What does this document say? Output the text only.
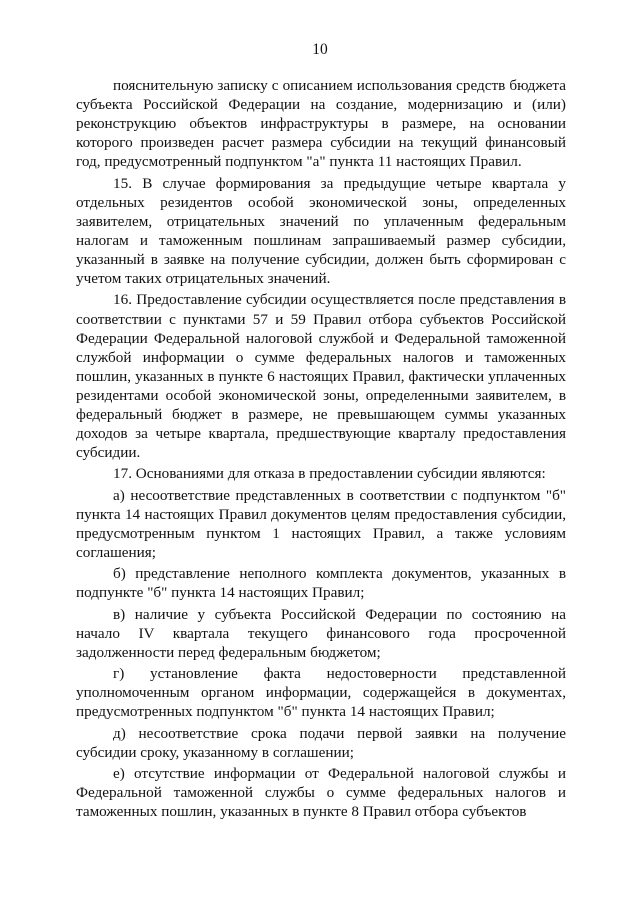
10

пояснительную записку с описанием использования средств бюджета субъекта Российской Федерации на создание, модернизацию и (или) реконструкцию объектов инфраструктуры в размере, на основании которого произведен расчет размера субсидии на текущий финансовый год, предусмотренный подпунктом "а" пункта 11 настоящих Правил.

15. В случае формирования за предыдущие четыре квартала у отдельных резидентов особой экономической зоны, определенных заявителем, отрицательных значений по уплаченным федеральным налогам и таможенным пошлинам запрашиваемый размер субсидии, указанный в заявке на получение субсидии, должен быть сформирован с учетом таких отрицательных значений.

16. Предоставление субсидии осуществляется после представления в соответствии с пунктами 57 и 59 Правил отбора субъектов Российской Федерации Федеральной налоговой службой и Федеральной таможенной службой информации о сумме федеральных налогов и таможенных пошлин, указанных в пункте 6 настоящих Правил, фактически уплаченных резидентами особой экономической зоны, определенными заявителем, в федеральный бюджет в размере, не превышающем суммы указанных доходов за четыре квартала, предшествующие кварталу предоставления субсидии.

17. Основаниями для отказа в предоставлении субсидии являются:

а) несоответствие представленных в соответствии с подпунктом "б" пункта 14 настоящих Правил документов целям предоставления субсидии, предусмотренным пунктом 1 настоящих Правил, а также условиям соглашения;

б) представление неполного комплекта документов, указанных в подпункте "б" пункта 14 настоящих Правил;

в) наличие у субъекта Российской Федерации по состоянию на начало IV квартала текущего финансового года просроченной задолженности перед федеральным бюджетом;

г) установление факта недостоверности представленной уполномоченным органом информации, содержащейся в документах, предусмотренных подпунктом "б" пункта 14 настоящих Правил;

д) несоответствие срока подачи первой заявки на получение субсидии сроку, указанному в соглашении;

е) отсутствие информации от Федеральной налоговой службы и Федеральной таможенной службы о сумме федеральных налогов и таможенных пошлин, указанных в пункте 8 Правил отбора субъектов
